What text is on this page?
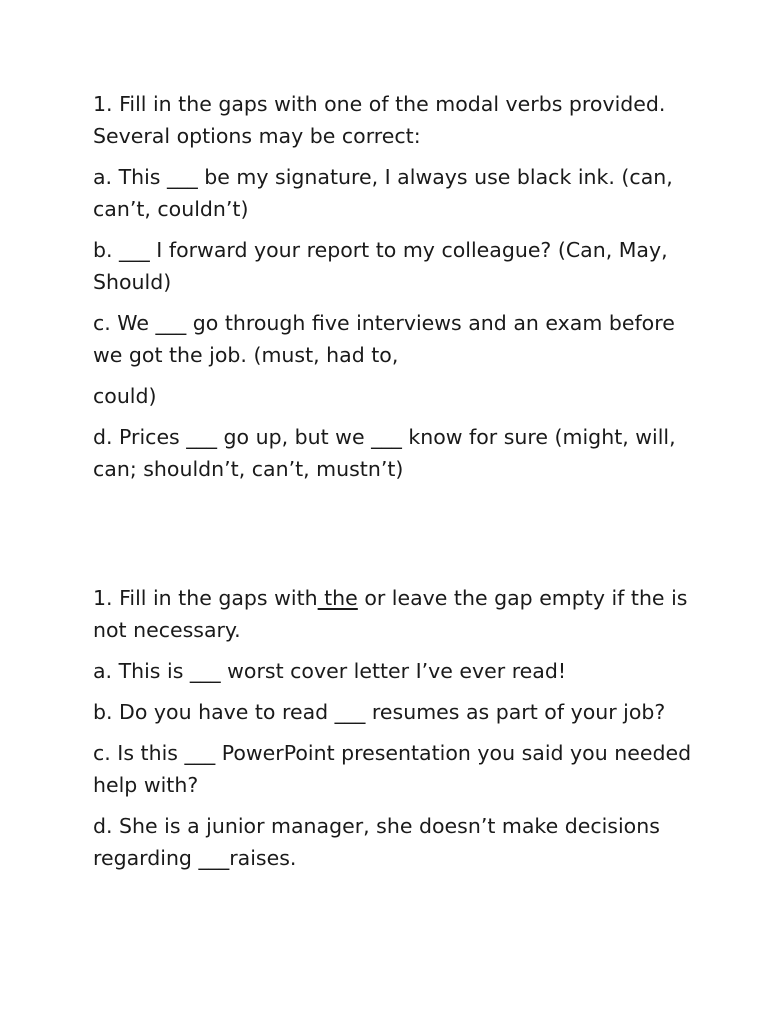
1. Fill in the gaps with one of the modal verbs provided. Several options may be correct:

a. This ___ be my signature, I always use black ink. (can, can’t, couldn’t)

b. ___ I forward your report to my colleague? (Can, May, Should)

c. We ___ go through five interviews and an exam before we got the job. (must, had to,

could)

d. Prices ___ go up, but we ___ know for sure (might, will, can; shouldn’t, can’t, mustn’t)

1. Fill in the gaps with the or leave the gap empty if the is not necessary.

a. This is ___ worst cover letter I’ve ever read!

b. Do you have to read ___ resumes as part of your job?

c. Is this ___ PowerPoint presentation you said you needed help with?

d. She is a junior manager, she doesn’t make decisions regarding ___raises.
